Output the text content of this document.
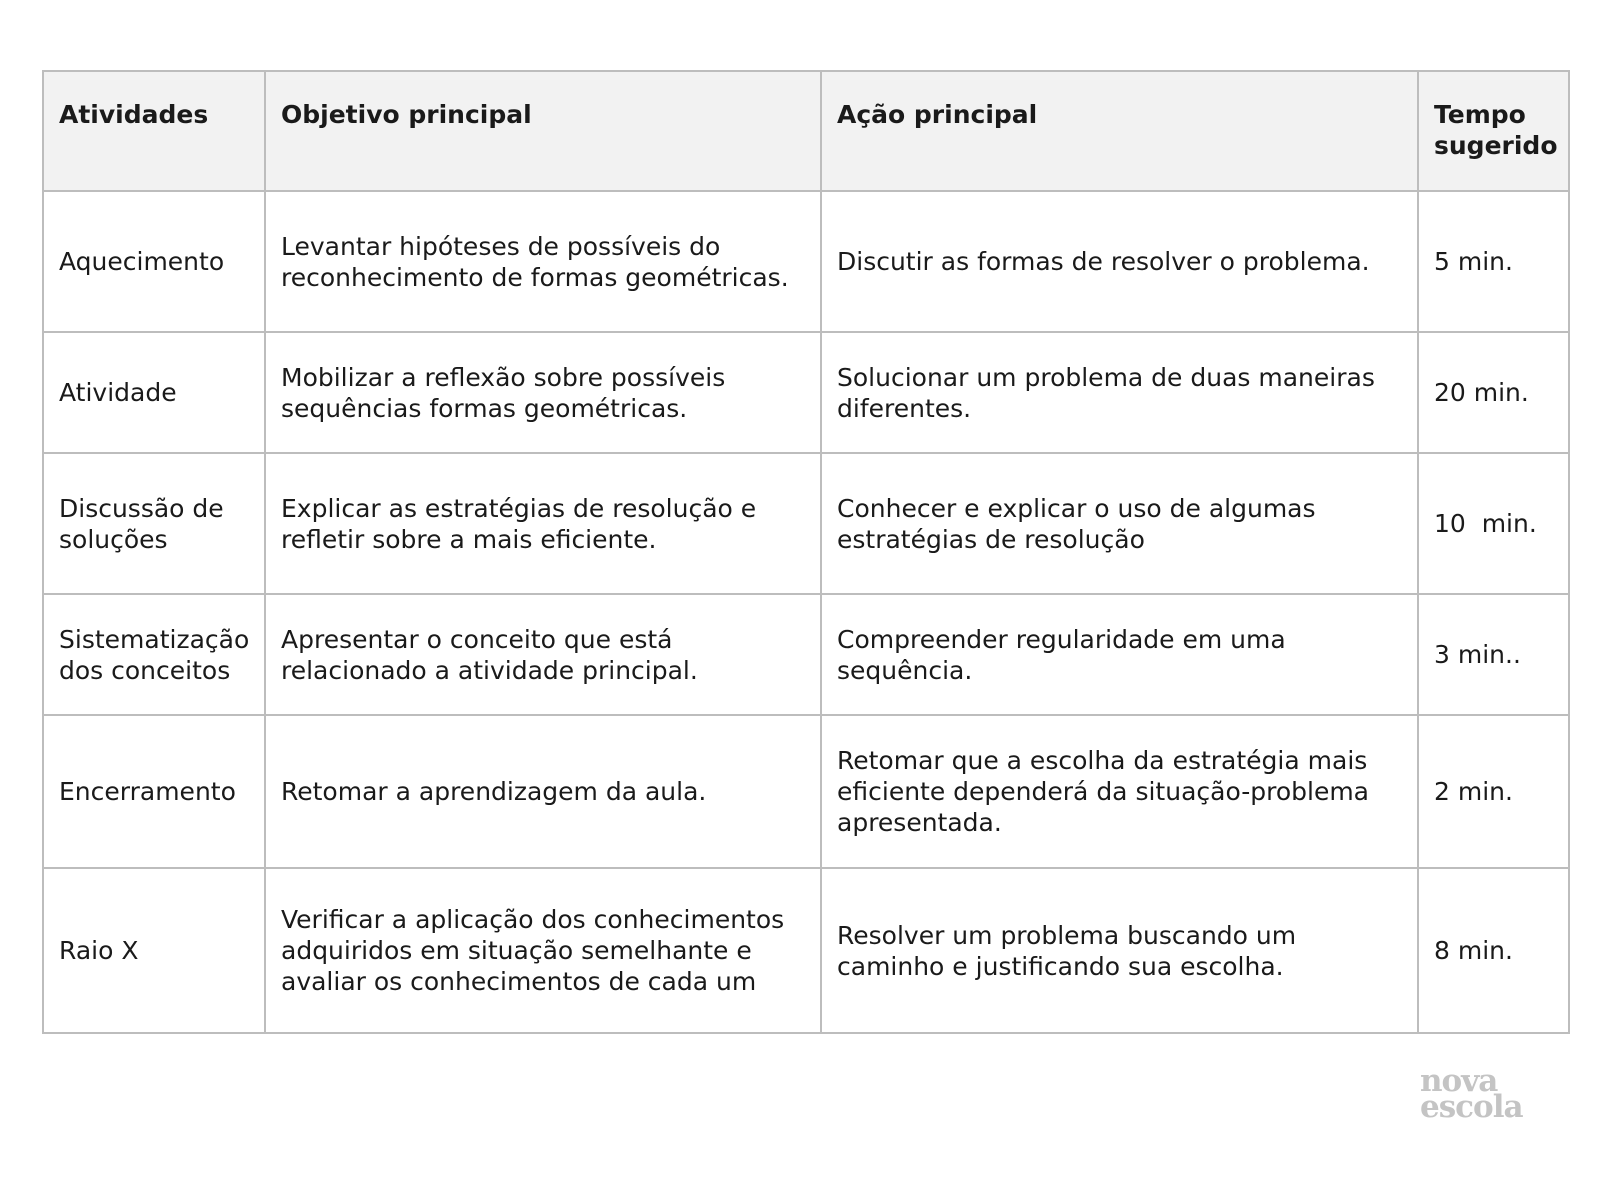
Atividades	Objetivo principal	Ação principal	Tempo sugerido
Aquecimento	Levantar hipóteses de possíveis do reconhecimento de formas geométricas.	Discutir as formas de resolver o problema.	5 min.
Atividade	Mobilizar a reflexão sobre possíveis sequências formas geométricas.	Solucionar um problema de duas maneiras diferentes.	20 min.
Discussão de soluções	Explicar as estratégias de resolução e refletir sobre a mais eficiente.	Conhecer e explicar o uso de algumas estratégias de resolução	10  min.
Sistematização dos conceitos	Apresentar o conceito que está relacionado a atividade principal.	Compreender regularidade em uma sequência.	3 min..
Encerramento	Retomar a aprendizagem da aula.	Retomar que a escolha da estratégia mais eficiente dependerá da situação-problema apresentada.	2 min.
Raio X	Verificar a aplicação dos conhecimentos adquiridos em situação semelhante e avaliar os conhecimentos de cada um	Resolver um problema buscando um caminho e justificando sua escolha.	8 min.
nova
escola
